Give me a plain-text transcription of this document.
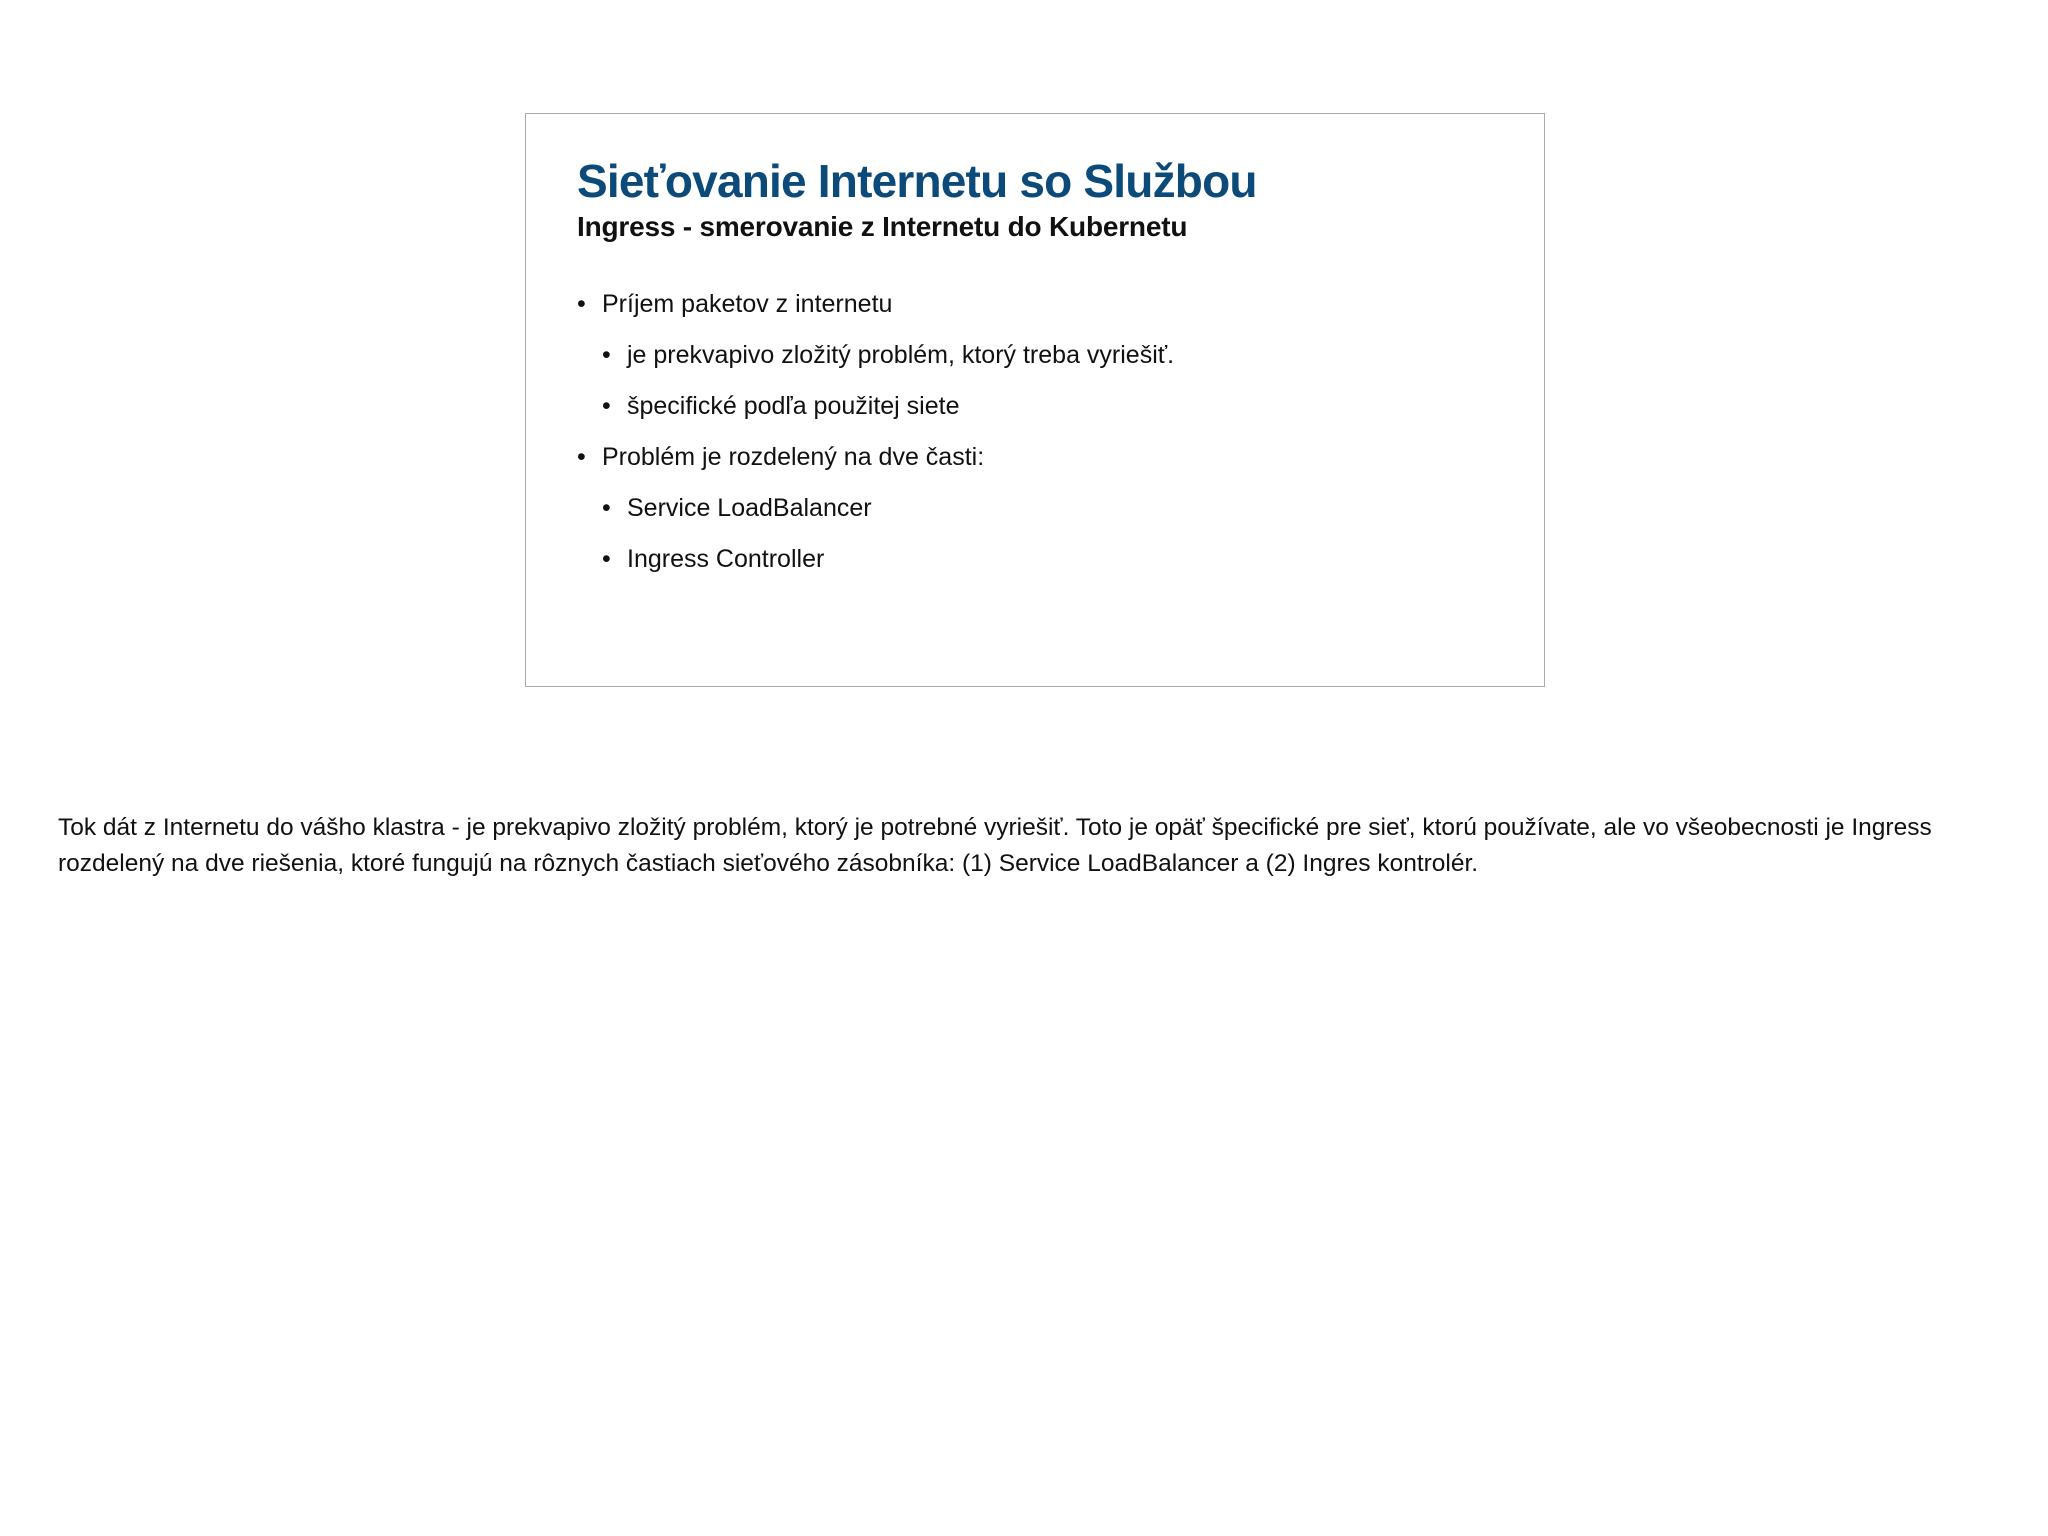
Sieťovanie Internetu so Službou
Ingress - smerovanie z Internetu do Kubernetu
• Príjem paketov z internetu
• je prekvapivo zložitý problém, ktorý treba vyriešiť.
• špecifické podľa použitej siete
• Problém je rozdelený na dve časti:
• Service LoadBalancer
• Ingress Controller

Tok dát z Internetu do vášho klastra - je prekvapivo zložitý problém, ktorý je potrebné vyriešiť. Toto je opäť špecifické pre sieť, ktorú používate, ale vo všeobecnosti je Ingress rozdelený na dve riešenia, ktoré fungujú na rôznych častiach sieťového zásobníka: (1) Service LoadBalancer a (2) Ingres kontrolér.
